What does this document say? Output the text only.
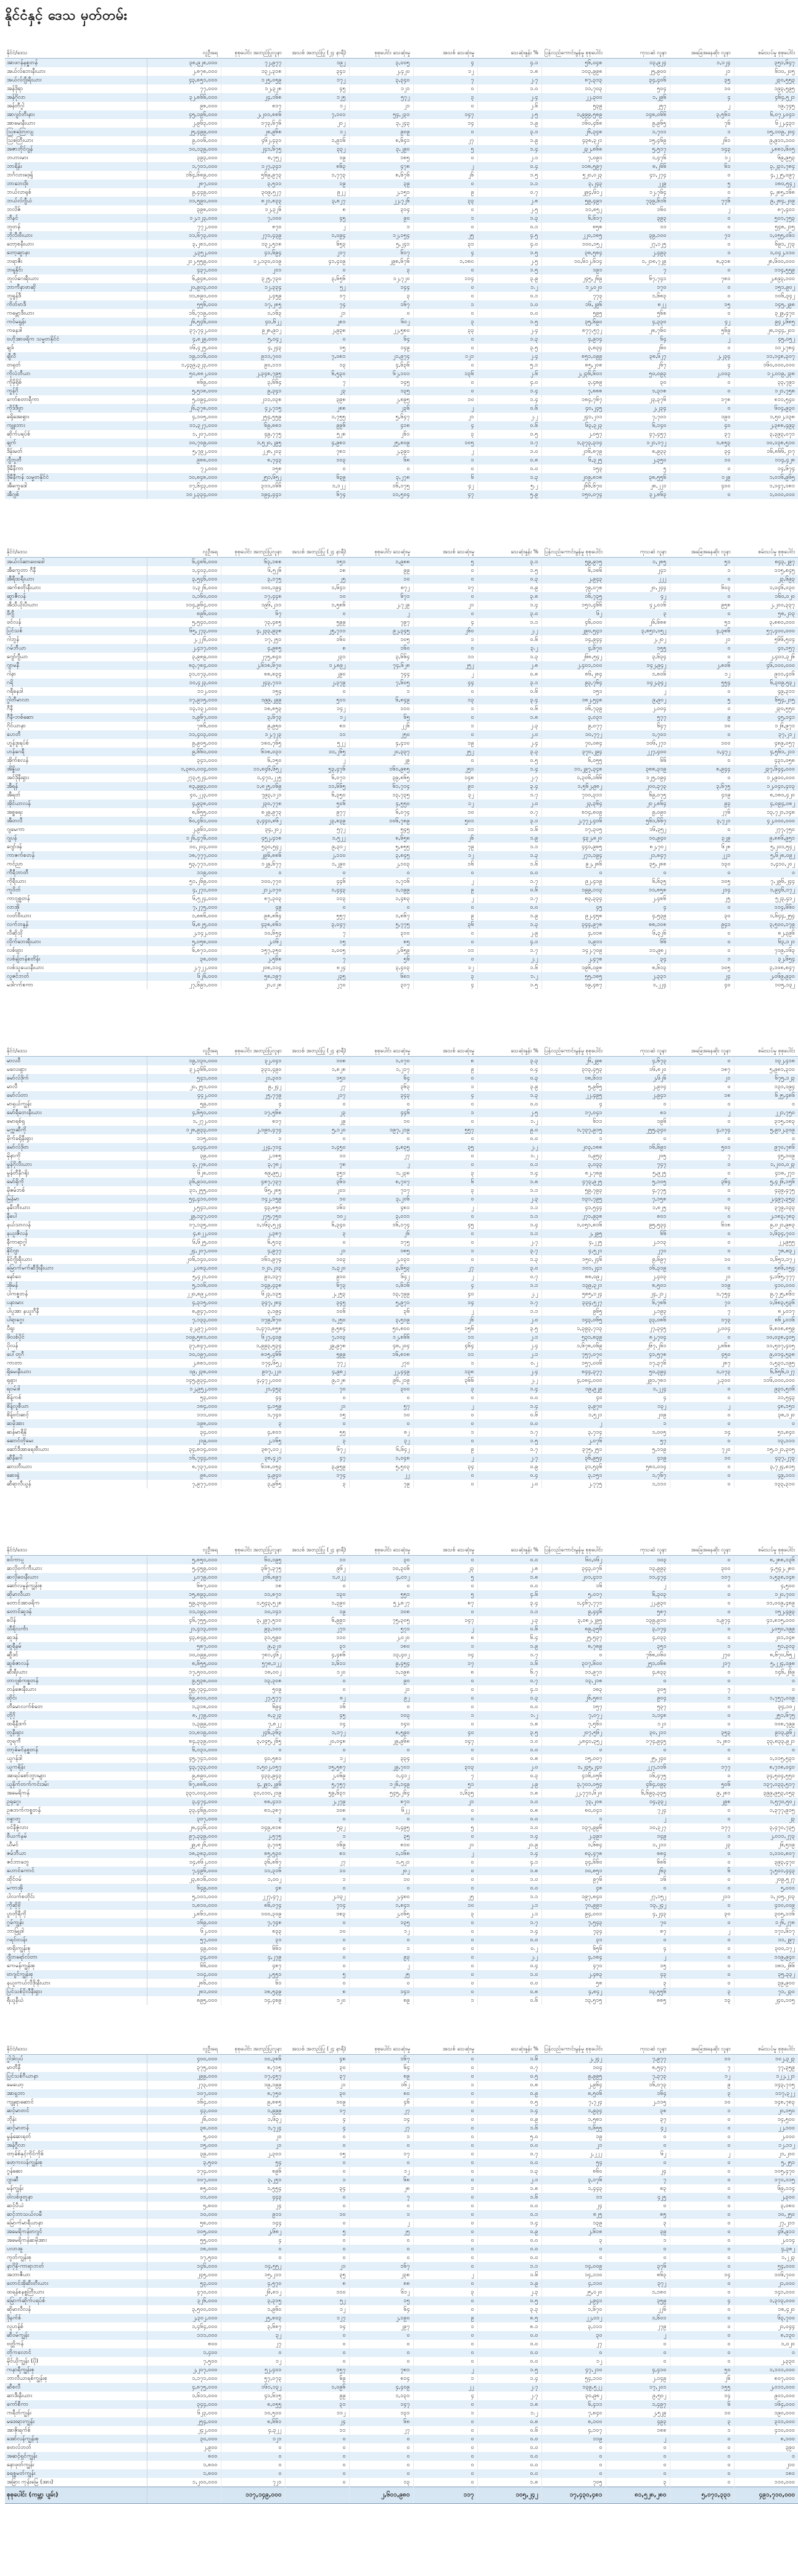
နိုင်ငံနှင့် ဒေသ မှတ်တမ်း
နိုင်ငံ/ဒေသ	လူဦးရေ	စုစုပေါင်း အတည်ပြုလူနာ	အသစ် အတည်ပြု (၂၄ နာရီ)	စုစုပေါင်း သေဆုံးမှု	အသစ် သေဆုံးမှု	သေဆုံးနှုန်း %	ပြန်လည်ကောင်းမွန်မှု စုစုပေါင်း	ကုသဆဲ လူနာ	အခြေအနေဆိုး လူနာ	စမ်းသပ်မှု စုစုပေါင်း
အာဖဂန်နစ္စတန်	၃၈,၉၂၈,၀၀၀	၇၂,၉၇၇	၁၉၂	၃,၀၀၅	၄	၄.၁	၅၆,၀၄၈	၁၃,၉၂၄	၁,၁၂၄	၃၅၁,၆၄၇
အယ်လ်ဘေးနီးယား	၂,၈၇၈,၀၀၀	၁၃၂,၃၁၈	၃၄၁	၂,၄၂၀	၁၂	၁.၈	၁၀၃,၉၉၈	၂၅,၉၀၀	၂၁	၆၁၀,၂၀၅
အယ်လ်ဂျီးရီးယား	၄၃,၈၅၁,၀၀၀	၁၂၅,၀၅၉	၁၇၂	၃,၃၄၀	၇	၂.၇	၈၇,၃၁၃	၃၄,၄၀၆	၃၅	၂၃၀,၅၅၃
အန်ဒိုရာ	၇၇,၀၀၀	၁၂,၃၂၈	၄၅	၁၂၁	၀	၁.၀	၁၁,၇၀၃	၅၀၄	၁၀	၁၉၃,၅၉၅
အန်ဂိုလာ	၃၂,၈၆၆,၀၀၀	၂၄,၁၆၈	၁၂၅	၅၇၂	၃	၂.၄	၂၂,၃၀၀	၁,၂၉၆	၄	၄၆၄,၅၂၁
အန်တီဂွါ	၉၈,၀၀၀	၈၁၇	၁၂	၂၁	၀	၂.၆	၅၃၉	၂၅၇	၂	၁၉,၇၄၅
အာဂျင်တီးနား	၄၅,၁၉၆,၀၀၀	၂,၂၀၁,၈၈၆	၇,၁၀၁	၅၄,၂၃၁	၁၄၇	၂.၅	၁,၉၉၉,၅၈၉	၁၄၈,၀၆၆	၃,၅၆၁	၆,၀၇၂,၀၄၁
အာမေးနီးယား	၂,၉၆၃,၀၀၀	၁၇၃,၆၇၆	၂၀၂	၃,၂၄၃	၁၄	၁.၉	၁၆၀,၄၆၈	၉,၉၆၅	၇၆	၆၂၂,၄၃၁
ဩစတြေးလျ	၂၅,၄၉၉,၀၀၀	၂၈,၉၆၈	၁၂	၉၀၉	၀	၃.၁	၂၆,၃၄၈	၁,၇၁၁	၁	၁၅,၁၀၉,၂၀၄
ဩစတြီးယား	၉,၀၀၆,၀၀၀	၄၆၂,၄၃၁	၁,၉၁၆	၈,၆၄၁	၂၇	၁.၉	၄၃၈,၃၂၁	၁၅,၄၆၉	၂၆၁	၉,၉၁၁,၁၀၀
အဇာဘိုင်ဂျန်	၁၀,၁၃၉,၀၀၀	၂၄၁,၆၇၅	၃၃၂	၃,၂၉၀	၅	၁.၄	၂၃၂,၈၆၈	၅,၅၁၇	၁၄၃	၂,၈၈၁,၆၀၅
ဘဟားမား	၃၉၃,၀၀၀	၈,၇၅၂	၁၉	၁၈၅	၀	၂.၁	၇,၀၉၁	၁,၄၇၆	၁၂	၆၉,၉၅၃
ဘာရိန်း	၁,၇၀၁,၀၀၀	၁၂၇,၃၄၁	၈၆၃	၄၇၈	၂	၀.၄	၁၁၈,၅၉၇	၈,၂၆၆	၆၁	၃,၂၃၁,၇၈၄
ဘင်္ဂလားဒေ့ရှ်	၁၆၄,၆၈၉,၀၀၀	၅၆၉,၉၇၃	၁,၇၇၃	၈,၆၇၆	၂၆	၁.၅	၅၂၀,၀၂၃	၄၁,၂၇၄	၀	၄,၂၂၅,၀၉၇
ဘာဘေးဒိုး	၂၈၇,၀၀၀	၃,၅၁၁	၁၉	၃၉	၀	၁.၁	၃,၂၄၃	၂၂၉	၅	၁၈၀,၅၄၂
ဘယ်လာရုစ်	၉,၄၄၉,၀၀၀	၃၀၉,၅၂၇	၉၂၂	၂,၁၅၁	၉	၀.၇	၂၉၄,၆၁၂	၁၂,၇၆၄	၀	၄,၂၈၅,၁၆၈
ဘယ်လ်ဂျီယံ	၁၁,၅၉၀,၀၀၀	၈၂၁,၈၃၃	၃,၈၂၇	၂၂,၇၂၆	၃၃	၂.၈	၅၉,၄၉၁	၇၃၉,၆၁၆	၇၇၆	၉,၂၈၄,၂၀၉
ဘလိဇ်	၃၉၈,၀၀၀	၁၂,၃၂၆	၈	၃၁၄	၀	၂.၅	၁၁,၈၅၂	၁၆၀	၂	၈၇,၄၀၁
ဘီနင်	၁၂,၁၂၃,၀၀၀	၇,၁၀၀	၄၅	၉၀	၁	၁.၃	၆,၆၁၇	၃၉၃	၀	၅၀၁,၇၅၃
ဘူတန်	၇၇၂,၀၀၀	၈၇၀	၂	၁	၀	၀.၁	၈၅၈	၁၁	၀	၅၄၈,၂၁၅
ဘိုလီးဗီးယား	၁၁,၆၇၃,၀၀၀	၂၇၁,၄၃၉	၁,၀၉၄	၁၂,၁၅၄	၂၅	၄.၅	၂၂၀,၁၈၅	၃၉,၁၀၀	၇၁	၁,၀၅၅,၀၆၁
ဘော့စနီးယား	၃,၂၈၁,၀၀၀	၁၃၂,၅၁၈	၆၅၃	၅,၂၄၁	၃၁	၄.၀	၁၀၀,၁၅၂	၂၇,၁၂၅	၀	၆၉၁,၂၇၃
ဘော့ဆွာနာ	၂,၃၅၂,၀၀၀	၄၁,၆၉၄	၂၁၇	၆၁၇	၄	၁.၅	၃၈,၅၈၄	၂,၄၉၃	၁	၁,၀၄၂,၁၁၀
ဘရာဇီး	၂၁၂,၅၅၉,၀၀၀	၁၂,၁၃၀,၀၁၉	၄၁,၄၀၉	၂၉၈,၆၇၆	၁,၁၈၀	၂.၅	၁၀,၆၁၂,၆၁၄	၁,၂၁၈,၇၂၉	၈,၃၁၈	၂၈,၆၀၀,၀၀၀
ဘရူနိုင်း	၄၃၇,၀၀၀	၂၀၁	၀	၃	၀	၁.၅	၁၉၁	၇	၀	၁၁၄,၅၅၉
ဘူလ်ဂေးရီးယား	၆,၉၄၈,၀၀၀	၃၂၅,၇၃၀	၃,၆၅၆	၁၂,၇၂၀	၁၁၄	၃.၉	၂၄၅,၂၆၉	၆၇,၇၄၁	၇၈၁	၂,၈၉၃,၁၀၀
ဘာကီနာဖာဆို	၂၀,၉၀၃,၀၀၀	၁၂,၃၃၄	၅၂	၁၄၄	၀	၁.၂	၁၂,၀၂၀	၁၇၀	၀	၁၅၁,၉၀၂
ဘူရွန်ဒီ	၁၁,၈၉၀,၀၀၀	၂,၄၅၉	၁၇	၃	၀	၀.၁	၇၇၃	၁,၆၈၃	၀	၁၀၆,၃၄၂
ကိတ်ဗာဒီ	၅၅၆,၀၀၀	၁၇,၂၈၅	၇၄	၁၆၇	၁	၁.၀	၁၆,၂၉၆	၈၂၂	၁၅	၁၄၅,၂၉၈
ကမ္ဘောဒီးယား	၁၆,၇၁၉,၀၀၀	၁,၁၆၃	၂၁	၀	၀	၀.၀	၅၉၅	၅၆၈	၀	၃၂၉,၄၇၀
ကင်မရွန်း	၂၆,၅၄၆,၀၀၀	၄၀,၆၂၂	၂၈၁	၆၀၂	၃	၁.၅	၃၅,၆၉၀	၄,၃၃၀	၄၂	၉၄၂,၆၈၅
ကနေဒါ	၃၇,၇၄၂,၀၀၀	၉၂၈,၉၁၂	၂,၉၃၈	၂၂,၅၈၀	၃၃	၂.၄	၈၇၇,၅၇၂	၂၈,၇၆၀	၅၆၉	၂၈,၁၄၄,၂၀၁
ဗဟိုအာဖရိက သမ္မတနိုင်ငံ	၄,၈၂၉,၀၀၀	၅,၀၄၂	၀	၆၄	၀	၁.၃	၄,၉၁၄	၆၄	၂	၄၅,၀၅၂
ချဒ်	၁၆,၄၂၅,၀၀၀	၄,၂၄၃	၁၅	၁၄၉	၀	၃.၅	၃,၈၃၄	၂၆၀	၀	၁၁၂,၇၈၄
ချီလီ	၁၉,၁၁၆,၀၀၀	၉၁၁,၇၀၀	၇,၀၈၁	၂၁,၉၇၄	၁၂၁	၂.၄	၈၅၁,၀၉၉	၃၈,၆၂၇	၂,၂၃၄	၁၁,၁၄၈,၃၀၇
တရုတ်	၁,၄၃၉,၃၂၃,၀၀၀	၉၀,၁၁၁	၁၃	၄,၆၃၆	၀	၅.၁	၈၅,၂၀၈	၂၆၇	၄	၁၆၀,၀၀၀,၀၀၀
ကိုလံဘီယာ	၅၀,၈၈၂,၀၀၀	၂,၃၄၈,၇၉၅	၆,၅၃၀	၆၂,၁၀၁	၁၃၆	၂.၆	၂,၂၃၆,၆၀၁	၅၀,၀၉၃	၂,၀၀၃	၁၂,၀၁၉,၂၃၈
ကိုမိုရိုစ်	၈၆၉,၀၀၀	၃,၆၆၄	၇	၁၄၅	၀	၄.၀	၃,၄၈၉	၃၀	၀	၃၃,၇၉၁
ကွန်ဂို	၅,၅၁၈,၀၀၀	၉,၃၄၁	၂၃	၁၃၅	၀	၁.၄	၇,၈၈၈	၁,၃၁၈	၀	၁၂၁,၇၅၈
ကော်စတာရီကာ	၅,၀၉၄,၀၀၀	၂၁၁,၀၃၈	၃၉၈	၂,၈၉၅	၁၀	၁.၄	၁၈၄,၇၆၇	၂၃,၃၇၆	၁၇၈	၈၁၁,၅၄၀
ကိုဒ်ဒီဗွာ	၂၆,၃၇၈,၀၀၀	၄၂,၇၁၅	၂၈၈	၂၃၆	၂	၀.၆	၄၀,၂၄၅	၂,၂၃၄	၀	၆၀၄,၉၃၀
ခရိုအေးရှား	၄,၁၀၅,၀၀၀	၂၅၄,၅၅၉	၁,၇၅၅	၅,၆၄၇	၂၁	၂.၂	၂၄၁,၂၁၁	၇,၇၀၁	၁၉၀	၁,၅၀၂,၁၃၈
ကျူးဘား	၁၁,၃၂၇,၀၀၀	၆၉,၈၈၁	၉၉၆	၄၁၈	၄	၀.၆	၆၃,၃၂၃	၆,၁၄၀	၄၀	၂,၃၈၈,၄၉၃
ဆိုက်ပရပ်စ်	၁,၂၀၇,၀၀၀	၄၉,၇၇၅	၅၂၈	၂၆၁	၃	၀.၅	၂,၀၅၇	၄၇,၄၅၇	၃၇	၃,၃၉၃,၀၇၁
ချက်	၁၀,၇၀၉,၀၀၀	၁,၅၂၀,၂၉၅	၄,၉၈၁	၂၅,၈၀၉	၁၀၅	၁.၇	၁,၃၇၃,၃၁၄	၁၂၁,၁၇၂	၁,၈၅၃	၁၀,၁၃၈,၅၁၀
ဒိန်းမတ်	၅,၇၉၂,၀၀၀	၂၂၈,၂၀၃	၇၈၁	၂,၃၉၁	၂	၁.၀	၂၁၆,၈၇၉	၈,၉၃၃	၃၄	၁၆,၈၆၆,၂၁၇
ဂျီဘူတီ	၉၈၈,၀၀၀	၈,၇၄၃	၁၀၃	၆၈	၁	၀.၈	၆,၃၂၅	၂,၃၅၀	၁၀	၁၁၄,၄၂၈
ဒိုမီနီကာ	၇၂,၀၀၀	၁၅၈	၀	၀	၀	၀.၀	၁၅၃	၅	၀	၁၄,၆၇၄
ဒိုမီနီကန် သမ္မတနိုင်ငံ	၁၀,၈၄၈,၀၀၀	၂၅၁,၆၅၂	၆၃၉	၃,၂၇၈	၆	၁.၃	၂၀၉,၈၁၈	၃၈,၅၅၆	၁၂၉	၁,၀၁၆,၉၆၅
အီကွေဒေါ	၁၇,၆၄၃,၀၀၀	၃၁၁,၀၆၆	၁,၁၂၂	၁၆,၁၇၅	၄၂	၅.၂	၂၆၆,၆၇၀	၂၈,၂၂၁	၄၀၀	၁,၁၄၇,၁၈၁
အီဂျစ်	၁၀၂,၃၃၄,၀၀၀	၁၉၄,၄၄၁	၆၇၄	၁၁,၅၀၄	၄၇	၅.၉	၁၅၀,၀၇၄	၃၂,၈၆၃	၀	၁,၀၀၀,၀၀၀
နိုင်ငံ/ဒေသ	လူဦးရေ	စုစုပေါင်း အတည်ပြုလူနာ	အသစ် အတည်ပြု (၂၄ နာရီ)	စုစုပေါင်း သေဆုံးမှု	အသစ် သေဆုံးမှု	သေဆုံးနှုန်း %	ပြန်လည်ကောင်းမွန်မှု စုစုပေါင်း	ကုသဆဲ လူနာ	အခြေအနေဆိုး လူနာ	စမ်းသပ်မှု စုစုပေါင်း
အယ်လ်ဆာဗေးဒေါ	၆,၄၈၆,၀၀၀	၆၃,၁၈၈	၁၅၁	၁,၉၈၈	၅	၃.၁	၅၉,၉၁၅	၁,၂၈၅	၅၁	၈၄၃,၂၉၇
အီကွေတာ ဂီနီ	၁,၄၀၃,၀၀၀	၆,၅၂၆	၁၈	၉၉	၀	၁.၅	၆,၁၈၆	၂၄၁	၁	၁၁၅,၈၄၅
အီရီထရီးယား	၃,၅၄၆,၀၀၀	၃,၁၇၅	၂၅	၁၀	၀	၀.၃	၂,၉၄၃	၂၂၂	၀	၂၃,၆၉၃
အက်စတိုးနီးယား	၁,၃၂၆,၀၀၀	၁၀၀,၁၉၄	၁,၆၄၁	၈၇၂	၁၇	၀.၉	၇၉,၀၇၈	၂၀,၂၄၄	၆၀၃	၁,၀၄၆,၀၃၀
ဆွာဇီလန်	၁,၁၆၀,၀၀၀	၁၇,၄၄၈	၁၀	၆၇၁	၀	၃.၈	၁၆,၇၃၅	၄၂	၀	၁၆၀,၀၂၀
အီသီယိုးပီးယား	၁၁၄,၉၆၄,၀၀၀	၁၉၆,၂၁၁	၁,၅၈၆	၂,၇၂၉	၂၁	၁.၄	၁၅၁,၄၆၆	၄၂,၀၁၆	၉၅၈	၂,၂၀၀,၃၃၇
ဖီဂျီ	၈၉၆,၀၀၀	၆၇	၀	၂	၀	၃.၀	၆၂	၃	၀	၅၈,၂၁၃
ဖင်လန်	၅,၅၄၀,၀၀၀	၇၃,၄၈၅	၅၉၉	၇၉၇	၄	၁.၁	၄၆,၀၀၀	၂၆,၆၈၈	၅၁	၃,၈၈၀,၀၀၀
ပြင်သစ်	၆၅,၂၇၃,၀၀၀	၄,၂၃၃,၉၃၈	၂၅,၇၁၁	၉၂,၃၄၅	၂၆၀	၂.၂	၂၉၀,၅၄၁	၃,၈၅၁,၀၅၂	၄,၃၈၆	၅၇,၄၀၀,၀၀၀
ဂါဘွန်	၂,၂၂၆,၀၀၀	၁၇,၂၅၁	၁၆၀	၁၀၅	၁	၀.၆	၁၄,၉၄၄	၂,၂၀၂	၂၁	၅၆၆,၅၀၄
ဂမ်ဘီယာ	၂,၄၁၇,၀၀၀	၄,၉၈၅	၈	၁၆၀	၀	၃.၂	၄,၆၇၀	၁၅၅	၀	၄၀,၁၅၇
ဂျော်ဂျီယာ	၃,၉၈၉,၀၀၀	၂၇၅,၈၄၀	၂၃၁	၃,၆၆၄	၁၁	၁.၃	၂၆၈,၅၄၂	၃,၆၃၄	၀	၂,၄၀၁,၃၂၆
ဂျာမနီ	၈၃,၇၈၄,၀၀၀	၂,၆၁၈,၆၇၀	၁၂,၈၉၂	၇၄,၆၂၈	၂၅၂	၂.၈	၂,၄၀၁,၁၀၀	၁၄၂,၉၄၂	၂,၈၀၆	၄၆,၁၀၀,၀၀၀
ဂါနာ	၃၁,၀၇၃,၀၀၀	၈၈,၈၃၄	၂၉၀	၇၄၄	၂	၀.၈	၈၆,၂၈၄	၁,၈၀၆	၁၂	၉၀၁,၄၀၆
ဂရိ	၁၀,၄၂၃,၀၀၀	၂၄၃,၇၁၁	၂,၃၇၉	၇,၆၀၅	၄၄	၃.၁	၉၃,၇၆၄	၁၄၂,၃၄၂	၅၅၄	၆,၃၀၉,၅၃၂
ဂရီနေဒါ	၁၁၂,၀၀၀	၁၅၄	၀	၁	၀	၀.၆	၁၅၁	၂	၀	၄၉,၃၁၁
ဂွါတီမာလာ	၁၇,၉၁၅,၀၀၀	၁၉၉,၂၉၉	၅၁၁	၆,၈၄၉	၁၃	၃.၄	၁၈၂,၅၄၈	၉,၉၀၂	၅	၆၅၄,၂၁၅
ဂီနီ	၁၃,၁၃၂,၀၀၀	၁၈,၈၅၃	၁၄၂	၁၁၀	၁	၀.၆	၁၆,၇၃၉	၂,၀၀၄	၀	၂၃၀,၅၅၀
ဂီနီ-ဘစ်ဆော	၁,၉၆၇,၀၀၀	၃,၆၇၃	၁၂	၆၅	၀	၁.၈	၃,၀၃၁	၅၇၇	၉	၄၅,၁၄၁
ဂိုင်ယာနာ	၇၈၆,၀၀၀	၉,၉၅၀	၈၁	၂၂၆	၁	၂.၃	၉,၀၇၇	၆၄၇	၁၀	၁၂၆,၉၇၁
ဟေတီ	၁၁,၄၀၃,၀၀၀	၁၂,၇၂၃	၁၁	၂၅၀	၀	၂.၀	၁၀,၇၇၂	၁,၇၀၁	၀	၃၇,၂၁၂
ဟွန်ဒူးရပ်စ်	၉,၉၀၅,၀၀၀	၁၈၀,၇၆၅	၅၂၂	၄,၄၁၀	၁၉	၂.၄	၇၀,၀၈၄	၁၀၆,၂၇၁	၁၀၀	၄၈၉,၀၅၇
ဟန်ဂေရီ	၉,၆၆၀,၀၀၀	၆၁၈,၀၃၁	၁၁,၂၆၅	၂၀,၃၃၇	၂၅၂	၃.၃	၃၇၀,၂၉၄	၂၂၇,၄၀၀	၁,၄၇၂	၄,၅၆၁,၂၁၁
အိုက်စလန်	၃၄၁,၀၀၀	၆,၁၅၀	၂	၂၉	၀	၀.၅	၆,၀၅၅	၆၆	၀	၄၃၁,၀၅၈
အိန္ဒိယ	၁,၃၈၀,၀၀၄,၀၀၀	၁၁,၈၄၆,၆၅၂	၅၃,၄၇၆	၁၆၀,၉၈၅	၂၅၁	၁.၄	၁၁,၂၉၇,၃၄၈	၃၈၈,၃၁၉	၈,၉၄၄	၂၃၇,၆၄၄,၀၀၀
အင်ဒိုနီးရှား	၂၇၃,၅၂၄,၀၀၀	၁,၄၇၁,၂၂၅	၆,၀၇၁	၃၉,၈၆၅	၁၄၈	၂.၇	၁,၃၀၆,၁၆၆	၁၂၅,၁၉၄	၀	၁၂,၉၀၀,၀၀၀
အီရန်	၈၃,၉၉၃,၀၀၀	၁,၈၂၅,၀၆၉	၁၁,၆၆၅	၆၁,၇၁၄	၉၁	၃.၄	၁,၅၆၂,၉၈၂	၂၀၀,၃၇၃	၃,၆၇၅	၁၂,၀၄၀,၄၀၃
အီရတ်	၄၀,၂၂၃,၀၀၀	၇၉၃,၁၂၁	၆,၃၅၀	၁၃,၇၃၅	၃၂	၁.၇	၇၁၀,၃၁၁	၆၉,၀၇၅	၄၁၉	၈,၁၈၀,၄၂၀
အိုင်ယာလန်	၄,၉၃၈,၀၀၀	၂၃၀,၇၇၈	၅၀၆	၄,၅၅၀	၁၂	၂.၀	၂၃,၃၆၄	၂၀၂,၈၆၄	၉၃	၄,၀၉၄,၀၈၂
အစ္စရေး	၈,၆၅၅,၀၀၀	၈၂၉,၉၇၃	၉၇၇	၆,၀၇၄	၁၀	၀.၇	၈၁၄,၈၀၉	၉,၀၉၀	၂၇၆	၁၃,၇၂၁,၁၄၈
အီတလီ	၆၀,၄၆၁,၀၀၀	၃,၄၄၀,၈၆၂	၂၃,၈၃၉	၁၀၆,၇၈၉	၅၀၁	၃.၁	၂,၇၇၂,၄၀၆	၅၆၁,၆၆၇	၃,၇၂၁	၄၂,၀၀၀,၀၀၀
ဂျမေကာ	၂,၉၆၁,၀၀၀	၃၄,၂၀၂	၅၇၂	၅၄၅	၁၁	၁.၆	၁၇,၃၀၅	၁၆,၃၅၂	၀	၂၇၇,၇၅၀
ဂျပန်	၁၂၆,၄၇၆,၀၀၀	၄၅၂,၄၁၈	၁,၅၂၂	၈,၆၅၈	၂၆	၁.၉	၄၃၂,၈၂၀	၁၀,၉၄၀	၃၂၉	၉,၈၈၆,၉၅၁
ဂျော်ဒန်	၁၀,၂၀၃,၀၀၀	၅၃၀,၅၄၂	၉,၃၁၂	၅,၈၅၅	၇၉	၁.၁	၄၄၁,၉၈၅	၈၂,၇၀၂	၆၂၈	၅,၂၀၁,၅၄၂
ကာဇက်စတန်	၁၈,၇၇၇,၀၀၀	၂၉၆,၈၈၆	၂,၁၁၀	၃,၈၄၅	၁၂	၁.၃	၂၇၁,၁၉၄	၂၁,၈၄၇	၂၂၁	၅,၆၂၈,၀၉၂
ကင်ညာ	၅၃,၇၇၁,၀၀၀	၁၂၉,၆၇၇	၁,၂၉၀	၂,၁၀၃	၁၆	၁.၆	၉၂,၂၈၆	၃၅,၂၈၈	၁၃၀	၁,၄၁၀,၂၀၂
ကီရီဘာတီ	၁၁၉,၀၀၀	၀	၀	၀	၀	၀.၀	၀	၀	၀	၀
ကိုရီးယား	၅၁,၂၆၉,၀၀၀	၁၀၀,၇၇၀	၄၄၆	၁,၇၁၆	၂	၁.၇	၉၂,၄၁၉	၆,၆၃၅	၁၀၅	၇,၂၉၆,၂၄၄
ကူဝိတ်	၄,၂၇၁,၀၀၀	၂၁၂,၁၇၀	၁,၄၄၃	၁,၁၉၉	၉	၀.၆	၁၉၉,၁၁၃	၁၁,၈၅၈	၂၁၄	၁,၉၄၆,၁၇၂
ကာဂျစ္စတန်	၆,၅၂၄,၀၀၀	၈၇,၃၀၃	၁၁၃	၁,၄၈၃	၂	၁.၇	၈၃,၃၃၄	၂,၄၈၆	၂၅	၅၂၃,၄၁၂
လာအို	၇,၂၇၅,၀၀၀	၄၉	၀	၀	၀	၀.၀	၄၅	၄	၀	၁၁၄,၆၆၀
လတ်ဗီးယား	၁,၈၈၆,၀၀၀	၉၈,၈၆၄	၅၅၇	၁,၈၆၇	၉	၁.၉	၉၂,၄၅၈	၄,၅၃၉	၃၀	၁,၆၄၄,၂၅၄
လက်ဘနွန်	၆,၈၂၅,၀၀၀	၄၃၈,၈၆၁	၃,၀၄၇	၅,၇၇၅	၃၆	၁.၃	၃၄၄,၉၇၈	၈၈,၁၀၈	၉၄၁	၃,၅၀၀,၁၇၉
လီဆိုသို	၂,၁၄၂,၀၀၀	၁၀,၆၅၄	၇	၃၁၀	၀	၂.၉	၄,၀၁၈	၆,၃၂၆	၀	၈၂,၃၉၆
လိုက်ဘေးရီးယား	၅,၀၅၈,၀၀၀	၂,၀၆၂	၁၅	၈၅	၀	၄.၁	၁,၉၁၁	၆၆	၀	၆၃,၁၂၁
လစ်ဗျား	၆,၈၇၁,၀၀၀	၁၅၇,၃၅၀	၁,၀၀၅	၂,၆၅၉	၁၁	၁.၇	၁၄၂,၇၀၉	၁၁,၉၈၂	၀	၇၁၉,၁၆၃
လစ်ချ်တန်စတိန်း	၃၈,၀၀၀	၂,၅၆၈	၇	၅၆	၀	၂.၂	၂,၄၇၈	၃၄	၁	၃၂,၆၅၄
လစ်သူယေးနီးယား	၂,၇၂၂,၀၀၀	၂၀၈,၁၁၄	၈၂၄	၃,၄၀၃	၁၂	၁.၆	၁၉၆,၀၉၈	၈,၆၁၃	၁၀၅	၃,၁၀၈,၈၄၇
လူဇင်ဘတ်	၆၂၆,၀၀၀	၅၈,၁၉၇	၂၃၅	၆၈၁	၃	၁.၂	၅၅,၁၈၅	၂,၃၃၁	၂၄	၂,၀၆၉,၉၃၀
မဒါဂက်စကာ	၂၇,၆၉၁,၀၀၀	၂၁,၀၂၈	၂၇၀	၃၁၇	၄	၁.၅	၁၉,၄၈၇	၁,၂၂၄	၄၀	၁၀၅,၁၃၂
နိုင်ငံ/ဒေသ	လူဦးရေ	စုစုပေါင်း အတည်ပြုလူနာ	အသစ် အတည်ပြု (၂၄ နာရီ)	စုစုပေါင်း သေဆုံးမှု	အသစ် သေဆုံးမှု	သေဆုံးနှုန်း %	ပြန်လည်ကောင်းမွန်မှု စုစုပေါင်း	ကုသဆဲ လူနာ	အခြေအနေဆိုး လူနာ	စမ်းသပ်မှု စုစုပေါင်း
မာလဝီ	၁၉,၁၃၀,၀၀၀	၃၂,၀၄၁	၁၀၈	၁,၀၇၀	၈	၃.၃	၂၆,၂၉၈	၄,၆၇၃	၀	၁၃၂,၄၁၈
မလေးရှား	၃၂,၃၆၆,၀၀၀	၃၃၁,၄၉၀	၁,၈၂၈	၁,၂၁၇	၉	၀.၄	၃၁၃,၄၅၃	၁၆,၈၂၀	၁၈၇	၅,၉၈၁,၃၁၀
မော်လ်ဒိုက်	၅၄၁,၀၀၀	၂၁,၃၀၁	၁၅၁	၆၄	၀	၀.၃	၁၈,၆၁၁	၂,၆၂၆	၂၁	၆၇၅,၁၂၃
မာလီ	၂၀,၂၅၁,၀၀၀	၉,၂၄၂	၂၇	၃၆၃	၁	၃.၉	၅,၉၆၅	၂,၉၁၄	၀	၁၃၁,၁၉၄
မော်လ်တာ	၄၄၂,၀၀၀	၂၅,၇၇၉	၂၁၇	၃၄၃	၄	၁.၃	၂၂,၄၉၅	၂,၉၄၁	၁၈	၆၂၅,၄၈၆
မာရှယ်ကျွန်း	၅၉,၀၀၀	၄	၀	၀	၀	၀.၀	၄	၀	၀	၀
မော်ရီတေးနီးယား	၄,၆၅၀,၀၀၀	၁၇,၅၆၈	၂၃	၄၄၆	၁	၂.၅	၁၇,၀၄၁	၈၁	၂	၂၂၁,၇၅၀
မောရစ်ရှ	၁,၂၇၂,၀၀၀	၈၁၇	၂၉	၁၀	၀	၁.၂	၆၁၁	၁၉၆	၀	၃၁၅,၁၈၃
မက္ကဆီကို	၁၂၈,၉၃၃,၀၀၀	၂,၁၉၀,၄၇၄	၅,၁၂၀	၁၉၇,၂၁၉	၅၅၇	၉.၀	၁,၇၃၇,၉၁၅	၂၅၅,၃၄၀	၄,၁၇၄	၅,၉၁၂,၃၀၉
မိုက်ခရိုနီးရှား	၁၁၅,၀၀၀	၁	၀	၀	၀	၀.၀	၁	၀	၀	၀
မော်လ်ဒိုဗာ	၄,၀၃၄,၀၀၀	၂၂၄,၇၁၄	၁,၄၅၀	၄,၈၃၅	၃၅	၂.၂	၂၀၃,၁၈၈	၁၆,၆၉၁	၅၀၁	၉၇၀,၇၈၆
မိုနာကို	၃၉,၀၀၀	၂,၁၈၅	၁၁	၂၇	၀	၁.၂	၁,၉၅၃	၂၀၅	၇	၄၅,၁၀၉
မွန်ဂိုလီးယား	၃,၂၇၈,၀၀၀	၃,၇၈၂	၇၈	၂	၀	၀.၁	၃,၀၃၃	၇၄၇	၁	၁,၂၀၀,၀၂၃
မွန်တီနီဂရိုး	၆၂၈,၀၀၀	၈၉,၉၅၂	၃၅၁	၁,၂၃၈	၃	၁.၄	၈၂,၇၈၉	၅,၉၂၅	၀	၄၁၈,၂၇၁
မော်ရိုကို	၃၆,၉၁၀,၀၀၀	၄၈၇,၇၃၇	၃၆၁	၈,၇၀၇	၆	၁.၈	၄၇၃,၉၂၅	၅,၁၀၅	၃၆၄	၅,၄၂၆,၁၅၆
မိုဇမ်ဘစ်	၃၁,၂၅၅,၀၀၀	၆၅,၂၈၅	၂၀၁	၇၁၇	၃	၁.၁	၅၉,၇၉၃	၄,၇၇၅	၀	၄၃၉,၄၇၅
မြန်မာ	၅၄,၄၁၀,၀၀၀	၁၄၂,၁၅၉	၁၀	၃,၂၀၆	၀	၂.၃	၁၃၁,၇၉၅	၇,၁၅၈	၀	၂,၄၉၇,၃၅၃
နမီးဘီးယား	၂,၅၄၁,၀၀၀	၄၃,၈၅၀	၁၆၁	၄၈၁	၂	၁.၁	၄၁,၅၄၄	၁,၈၂၅	၁၃	၃၇၉,၁၃၃
နီပေါ	၂၉,၁၃၇,၀၀၀	၂၇၅,၇၅၀	၁၀၂	၃,၀၁၁	၀	၁.၁	၂၇၁,၉၃၈	၈၀၁	၀	၂,၁၈၃,၇၈၃
နယ်သာလန်	၁၇,၁၃၅,၀၀၀	၁,၁၆၃,၅၂၄	၆,၃၄၀	၁၆,၁၇၄	၄၅	၁.၄	၁,၀၅၁,၈၁၆	၉၅,၅၃၄	၆၁၈	၉,၀၂၁,၉၈၃
နယူးဇီလန်	၄,၈၂၂,၀၀၀	၂,၃၈၇	၃	၂၆	၀	၁.၁	၂,၂၉၅	၆၆	၀	၁,၆၃၄,၇၀၁
နီကာရာဂွါ	၆,၆၂၅,၀၀၀	၆,၅၁၃	၀	၁၇၅	၀	၂.၇	၄,၂၂၅	၂,၁၁၃	၀	၂၂,၉၅၅
နိုင်ဂျာ	၂၄,၂၀၇,၀၀၀	၄,၉၇၇	၂၁	၁၈၅	၁	၃.၇	၄,၅၂၁	၂၇၁	၀	၇၈,၈၃၂
နိုင်ဂျီးရီးယား	၂၀၆,၁၄၀,၀၀၀	၁၆၁,၉၇၄	၁၀၃	၂,၀၃၁	၀	၁.၃	၁၅၀,၂၄၆	၉,၆၉၇	၁၀	၁,၆၅၁,၁၇၂
မြောက်မက်ဆီဒိုးနီးယား	၂,၀၈၃,၀၀၀	၁၂၁,၂၁၃	၁,၃၂၀	၃,၆၅၃	၂၇	၃.၀	၁၀၁,၂၄၁	၁၆,၃၁၉	၀	၅၈၆,၁၅၄
နော်ဝေ	၅,၄၂၁,၀၀၀	၉၁,၁၃၇	၉၁၀	၆၄၂	၂	၀.၇	၈၈,၀၉၂	၂,၄၀၃	၂၁	၄,၁၆၅,၇၇၇
အိုမန်	၅,၁၀၆,၀၀၀	၁၄၉,၄၃၈	၆၇၃	၁,၆၁၆	၄	၁.၁	၁၃၉,၃၂၁	၈,၅၀၁	၁၁၉	၄၁၀,၀၀၀
ပါကစ္စတန်	၂၂၀,၈၉၂,၀၀၀	၆၂၃,၁၃၅	၂,၂၅၃	၁၃,၇၉၉	၄၀	၂.၂	၅၈၅,၁၂၄	၂၄,၂၁၂	၁,၇၅၄	၉,၇၂၅,၈၆၁
ပနားမား	၄,၃၁၅,၀၀၀	၃၄၇,၂၈၄	၃၄၅	၅,၉၇၁	၁၄	၁.၇	၃၃၄,၅၂၇	၆,၇၈၆	၇၁	၁,၆၈၃,၅၃၆
ပါပူအာ နယူးဂီနီ	၈,၉၄၇,၀၀၀	၃,၁၉၄	၁၀၆	၃၆	၂	၁.၁	၉၆၅	၂,၁၉၃	၇	၈၂,၀၁၇
ပါရာဂွေး	၇,၁၃၃,၀၀၀	၁၇၉,၆၇၀	၁,၂၅၀	၃,၅၁၉	၂၆	၂.၀	၁၄၃,၀၆၅	၃၃,၀၈၆	၁၇၃	၈၆၂,၀၁၆
ပီရူး	၃၂,၉၇၂,၀၀၀	၁,၄၇၁,၈၅၈	၉,၅၈၄	၅၀,၈၀၀	၁၅၆	၃.၅	၁,၃၉၃,၇၁၃	၂၇,၃၄၅	၂,၀၀၄	၆,၈၀၈,၈၅၉
ဖိလစ်ပိုင်	၁၀၉,၅၈၁,၀၀၀	၆၂၇,၄၀၉	၇,၁၀၃	၁၂,၈၆၆	၁၁	၂.၁	၅၃၁,၈၃၉	၈၂,၇၀၄	၀	၁၀,၀၃၈,၄၀၅
ပိုလန်	၃၇,၈၄၇,၀၀၀	၁,၉၉၃,၅၃၄	၂၉,၉၇၈	၄၈,၂၀၄	၄၆၄	၂.၄	၁,၆၇၈,၀၆၉	၂၆၇,၂၆၁	၂,၈၆၈	၁၁,၅၀၇,၄၀၅
ပေါ်တူဂီ	၁၀,၁၉၇,၀၀၀	၈၁၅,၄၆၆	၅၉၉	၁၆,၈၁၈	၁၁	၂.၁	၇၅၇,၀၇၀	၄၁,၅၇၈	၄၅၀	၉,၀၁၄,၅၃၈
ကာတာ	၂,၈၈၁,၀၀၀	၁၇၄,၆၅၂	၇၇၂	၂၇၀	၁	၀.၂	၁၅၇,၀၀၆	၁၇,၃၇၆	၂၈၇	၁,၅၃၁,၁၉၅
ရိုမေးနီးယား	၁၉,၂၃၈,၀၀၀	၉၁၇,၂၂၀	၄,၉၈၂	၂၂,၄၄၉	၁၃၈	၂.၄	၈၄၄,၃၇၇	၅၀,၃၉၄	၁,၁၇၃	၆,၆၅၆,၁၂၇
ရုရှား	၁၄၅,၉၃၄,၀၀၀	၄,၄၇၂,၀၀၀	၉,၁၂၈	၉၆,၂၁၉	၃၆၆	၂.၂	၄,၀၈၄,၀၀၀	၂၉၁,၇၈၁	၂,၃၀၀	၁၁၆,၀၀၀,၀၀၀
ရဝမ်ဒါ	၁၂,၉၅၂,၀၀၀	၂၁,၄၅၃	၇၀	၃၀၀	၃	၁.၄	၁၉,၉၂၉	၁,၂၂၄	၀	၉၃၁,၅၁၆
စိန့်ကစ်	၅၃,၀၀၀	၄၄	၀	၀	၀	၀.၀	၄၀	၄	၀	၁၁,၅၄၃
စိန့်လူစီယာ	၁၈၄,၀၀၀	၄,၁၅၉	၂၁	၅၇	၂	၁.၄	၃,၉၇၀	၁၃၂	၂	၄၈,၁၅၁
စိန့်ဗင်းဆင့်	၁၁၁,၀၀၀	၁,၇၄၀	၁၅	၁၀	၀	၀.၆	၁,၅၂၁	၂၀၉	၀	၃၈,၁၂၀
ဆမိုအား	၁၉၈,၀၀၀	၃	၀	၀	၀	၀.၀	၂	၁	၀	၀
ဆန်မာရီနို	၃၄,၀၀၀	၄,၈၀၁	၅၅	၈၂	၁	၁.၇	၃,၇၁၄	၁,၀၀၅	၁၄	၅၁,၈၄၀
ဆောင်တိုမေး	၂၁၉,၀၀၀	၂,၁၆၅	၃	၃၂	၀	၁.၅	၂,၀၇၆	၅၇	၀	၁၃,၁၁၁
ဆော်ဒီအာရေးဗီးယား	၃၄,၈၁၄,၀၀၀	၃၈၇,၀၁၂	၆၇၂	၆,၆၄၂	၉	၁.၇	၃၇၅,၂၅၁	၅,၁၁၉	၇၂၀	၁၅,၁၂၁,၃၀၅
ဆီနီဂေါ	၁၆,၇၄၄,၀၀၀	၃၈,၄၂၁	၄၇	၁,၀၄၈	၂	၂.၇	၃၆,၉၅၄	၄၁၉	၁၀	၄၃၇,၂၇၃
ဆားဘီးယား	၈,၇၃၇,၀၀၀	၆၁၈,၀၅၃	၃,၉၅၉	၅,၅၀၃	၃၄	၀.၉	၃၁,၅၃၆	၅၈၁,၀၁၄	၀	၃,၇၂၄,၈၁၅
ဆေးရှဲ	၉၈,၀၀၀	၄,၉၄၀	၁၇၄	၂၂	၀	၀.၄	၃,၁၅၁	၁,၇၆၇	၀	၄၉,၁၀၁
ဆီရာလီယွန်	၇,၉၇၇,၀၀၀	၃,၉၆၅	၃	၇၉	၀	၂.၀	၂,၇၇၅	၁,၁၁၁	၀	၁၃၃,၃၁၀
နိုင်ငံ/ဒေသ	လူဦးရေ	စုစုပေါင်း အတည်ပြုလူနာ	အသစ် အတည်ပြု (၂၄ နာရီ)	စုစုပေါင်း သေဆုံးမှု	အသစ် သေဆုံးမှု	သေဆုံးနှုန်း %	ပြန်လည်ကောင်းမွန်မှု စုစုပေါင်း	ကုသဆဲ လူနာ	အခြေအနေဆိုး လူနာ	စမ်းသပ်မှု စုစုပေါင်း
စင်ကာပူ	၅,၈၅၀,၀၀၀	၆၀,၁၉၅	၁၁	၃၀	၀	၀.၀	၆၀,၀၆၂	၁၀၃	၀	၈,၂၈၈,၁၃၆
ဆလိုဗက်ကီးယား	၅,၄၅၉,၀၀၀	၃၆၇,၃၇၅	၉၆၂	၁၀,၃၀၆	၂၃	၂.၈	၃၄၃,၀၇၆	၁၃,၉၉၃	၃၀၀	၄,၅၄၂,၂၈၀
ဆလိုဗေးနီးယား	၂,၀၇၉,၀၀၀	၂၁၆,၈၉၇	၁,၀၂၂	၄,၀၁၂	၅	၁.၈	၂၀၁,၄၁၁	၁၁,၄၇၄	၁၁၇	၁,၅၃၈,၁၄၈
ဆော်လမွန်ကျွန်းစု	၆၈၇,၀၀၀	၁၈	၀	၀	၀	၀.၀	၁၆	၂	၀	၄,၅၀၀
ဆိုမာလီယာ	၁၅,၈၉၃,၀၀၀	၁၁,၈၇၁	၁၃၀	၅၅၁	၅	၄.၆	၅,၀၁၇	၆,၃၀၃	၀	၁၂၀,၇၀၀
တောင်အာဖရိက	၅၉,၃၀၉,၀၀၀	၁,၅၄၃,၅၂၈	၁,၃၉၀	၅၂,၈၂၇	၈၇	၃.၄	၁,၄၆၇,၇၇၁	၂၂,၉၃၀	၀	၁၁,၀၀၉,၄၈၉
တောင်ဆူဒန်	၁၁,၁၉၃,၀၀၀	၁၀,၁၄၁	၁၉	၁၀၈	၀	၁.၁	၉,၄၄၆	၅၈၇	၀	၁၅၂,၄၉၃
စပိန်	၄၆,၇၅၅,၀၀၀	၃,၂၉၇,၅၁၀	၆,၉၉၁	၇၅,၃၀၅	၁၄၇	၂.၃	၃,၀၈၂,၂၉၅	၁၃၉,၉၁၀	၁,၉၇၄	၄၁,၈၁၅,၀၀၀
သီရိလင်္ကာ	၂၁,၄၁၃,၀၀၀	၉၃,၁၀၁	၂၇၁	၅၇၁	၂	၀.၆	၈၉,၃၅၆	၃,၁၇၄	၀	၂,၀၅၀,၁၉၉
ဆူဒန်	၄၃,၈၄၉,၀၀၀	၃၁,၅၉၀	၁၁၀	၂,၀၂၀	၈	၆.၄	၂၅,၅၃၇	၄,၀၃၃	၀	၂၀၁,၁၄၈
ဆူရီနမ်	၅၈၇,၀၀၀	၉,၃၂၀	၃၁	၁၈၀	၁	၁.၉	၈,၇၈၉	၃၅၁	၁	၅၁,၃၀၃
ဆွီဒင်	၁၀,၀၉၉,၀၀၀	၇၈၁,၄၆၂	၄,၄၈၆	၁၃,၄၀၂	၁၄	၁.၇	၀	၇၆၈,၀၆၀	၂၇၀	၈,၆၇၀,၆၅၂
ဆွစ်ဇာလန်	၈,၆၅၅,၀၀၀	၅၇၈,၁၂၂	၁,၆၁၁	၉,၄၅၄	၁၇	၁.၆	၃၁၇,၆၀၀	၂၅၁,၀၆၈	၂၁၇	၅,၂၂၄,၁၉၈
ဆီးရီးယား	၁၇,၅၀၀,၀၀၀	၁၈,၀၀၂	၁၂၀	၁,၁၉၈	၈	၆.၇	၁၁,၉၇၁	၄,၈၃၃	၀	၁၄၆,၂၆၉
တာဂျစ်ကစ္စတန်	၉,၅၃၈,၀၀၀	၁၃,၃၀၈	၀	၉၀	၀	၀.၇	၁၃,၂၁၈	၀	၀	၀
တန်ဇေးနီးယား	၅၉,၇၃၄,၀၀၀	၅၀၉	၀	၂၁	၀	၄.၁	၁၈၃	၃၀၅	၇	၀
ထိုင်း	၆၉,၈၀၀,၀၀၀	၂၇,၅၇၇	၈၂	၉၂	၀	၀.၃	၂၆,၅၈၁	၉၀၄	၁	၁,၇၅၇,၀၀၉
တီမောလက်စ်တေ	၁,၃၁၈,၀၀၀	၆၉၄	၁၆	၀	၀	၀.၀	၁၅၇	၅၃၇	၀	၃၄,၁၀၂
တိုဂို	၈,၂၇၉,၀၀၀	၈,၃၂၃	၄၅	၁၀၃	၁	၁.၂	၇,၀၇၂	၁,၁၄၈	၀	၂၅၁,၆၇၅
ထရီနီဒက်	၁,၃၉၉,၀၀၀	၇,၈၂၂	၁၄	၁၄၀	၀	၁.၈	၇,၅၆၁	၁၂၁	၀	၁၀၈,၇၉၉
တူနီးရှား	၁၁,၈၁၉,၀၀၀	၂၄၆,၃၆၃	၁,၁၇၂	၈,၅၉၀	၄၀	၃.၅	၂၀၇,၅၆၂	၃၀,၂၁၁	၃၅၃	၉၁၃,၉၆၂
တူရကီ	၈၄,၃၃၉,၀၀၀	၃,၀၄၅,၂၆၅	၂၀,၀၄၈	၂၉,၉၆၈	၁၄၇	၁.၀	၂,၈၄၀,၃၅၂	၁၇၄,၉၄၅	၁,၂၈၁	၃၃,၈၃၃,၉၂၁
တာ့ခ်မင်နစ္စတန်	၆,၀၃၁,၀၀၀	၀	၀	၀	၀	၀.၀	၀	၀	၀	၀
ယူဂန်ဒါ	၄၅,၇၄၁,၀၀၀	၄၀,၅၈၁	၁၂	၃၃၄	၀	၀.၈	၁၅,၀၀၇	၂၅,၂၄၀	၀	၁,၁၁၅,၅၃၁
ယူကရိန်း	၄၃,၇၃၃,၀၀၀	၁,၅၀၂,၀၅၇	၁၅,၅၈၇	၂၉,၇၀၁	၃၁၃	၂.၀	၁,၂၄၅,၂၄၀	၂၂၇,၁၁၆	၁၇၇	၈,၇၁၈,၀၄၀
အာရပ်စော်ဘွားများ	၉,၈၉၀,၀၀၀	၄၃၃,၉၄၃	၂,၀၆၉	၁,၄၁၂	၇	၀.၃	၄၁၆,၀၅၆	၁၆,၄၇၅	၀	၃၄,၅၀၄,၅၅၁
ယူနိုက်တက်ကင်းဒမ်း	၆၇,၈၈၆,၀၀၀	၄,၂၉၁,၂၉၆	၅,၇၅၇	၁၂၆,၁၄၉	၅၁	၂.၉	၃,၇၀၁,၀၅၄	၄၆၄,၀၉၃	၅၀၆	၁၃၇,၀၃၃,၅၁၇
အမေရိကန်	၃၃၁,၀၀၃,၀၀၀	၃၀,၀၁၀,၂၁၉	၅၉,၆၃၁	၅၄၅,၂၆၄	၁,၆၃၅	၁.၈	၂၂,၇၇၁,၆၂၀	၆,၆၉၃,၃၃၅	၉,၂၈၁	၃၉၉,၉၅၃,၀၅၃
ဥရုဂွေး	၃,၄၇၄,၀၀၀	၈၈,၄၁၁	၂,၂၇၉	၈၇၁	၂၁	၁.၀	၇၃,၂၀၈	၁၄,၃၃၂	၂၉၈	၁,၅၇၀,၅၀၂
ဥဇဘက်ကစ္စတန်	၃၃,၄၆၉,၀၀၀	၈၁,၃၈၇	၁၀၈	၆၂၂	၀	၀.၈	၈၀,၀၄၁	၇၂၄	၀	၁,၃၇၇,၉၁၅
ဗနွာတူ	၃၀၇,၀၀၀	၃	၀	၀	၀	၀.၀	၁	၂	၀	၂၃
ဗင်နီဇွဲလား	၂၈,၄၃၆,၀၀၀	၁၄၉,၈၁၈	၅၃၂	၁,၄၉၅	၅	၁.၀	၁၃၇,၉၉၆	၁၀,၃၂၇	၁၇၇	၃,၄၇၀,၇၃၅
ဗီယက်နမ်	၉၇,၃၃၉,၀၀၀	၂,၅၇၅	၁	၃၅	၀	၁.၄	၂,၃၉၁	၁၄၉	၁	၂,၀၁၁,၂၇၃
ယီမင်	၂၉,၈၂၆,၀၀၀	၃,၇၀၅	၁၆၉	၈၁၀	၂၁	၂၁.၉	၁,၆၈၄	၁,၂၁၁	၂၃	၂၆,၅၁၉
ဇမ်ဘီယာ	၁၈,၃၈၃,၀၀၀	၈၅,၅၃၀	၈၁	၁,၁၆၈	၂	၁.၄	၈၃,၄၇၈	၈၈၄	၀	၁,၁၁၀,၈၀၇
ဇင်ဘာဘွေ	၁၄,၈၆၂,၀၀၀	၃၆,၈၆၇	၂၇	၁,၅၂၁	၀	၄.၁	၃၄,၆၆၀	၆၈၆	၀	၃၉၃,၄၇၀
ဟောင်ကောင်	၇,၄၉၆,၀၀၀	၁၁,၃၁၆	၁၁	၂၀၂	၀	၁.၈	၁၀,၈၅၁	၂၆၃	၆	၇,၅၀၁,၄၄၃
ထိုင်ဝမ်	၂၃,၈၁၆,၀၀၀	၁,၀၀၂	၁	၁၀	၀	၁.၀	၉၇၆	၁၆	၀	၂၀၉,၅၂၇
မကာအို	၆၄၉,၀၀၀	၄၈	၀	၀	၀	၀.၀	၄၈	၀	၀	၅,၀၀၀
ပါလက်စတိုင်း	၅,၁၀၁,၀၀၀	၂၂၇,၄၇၂	၂,၁၃၂	၂,၄၈၀	၂၅	၁.၁	၁၉၇,၈၄၀	၂၇,၁၅၂	၂၁၁	၁,၂၀၅,၂၁၃
ကိုဆိုဗို	၁,၈၁၀,၀၀၀	၈၆,၀၇၄	၇၁၄	၁,၈၄၁	၁၀	၂.၁	၇၀,၉၉၁	၁၃,၂၄၂	၀	၄၀၀,၀၀၉
ပွာတိုရီကို	၂,၈၆၁,၀၀၀	၁၀၀,၃၀၉	၁၈၃	၂,၀၆၅	၃	၂.၁	၉၄,၀၀၁	၄,၂၄၃	၃၀	၃၀၅,၁၁၆
ဂွမ်ကျွန်း	၁၆၉,၀၀၀	၇,၇၄၈	၀	၁၃၅	၀	၁.၇	၇,၅၄၃	၇၀	၀	၁၂၆,၂၇၈
ဘာမြူဒါ	၆၂,၀၀၀	၈၃၃	၁၀	၁၂	၀	၁.၄	၇၃၄	၈၇	၂	၁၇၁,၆၁၇
ဂရင်းလန်း	၅၇,၀၀၀	၃၁	၀	၀	၀	၀.၀	၃၁	၀	၀	၁၁,၂၉၇
ဖာရိုးကျွန်းစု	၄၉,၀၀၀	၆၆၁	၀	၁	၀	၀.၂	၆၅၆	၄	၀	၃၀၀,၁၇၂
ဂျီဘရော်လ်တာ	၃၄,၀၀၀	၄,၂၇၉	၀	၉၃	၀	၂.၂	၄,၁၈၄	၂	၀	၁၁၉,၉၄၀
ကေမန်ကျွန်းစု	၆၆,၀၀၀	၄၈၇	၀	၂	၀	၀.၄	၄၇၀	၁၅	၀	၁၈၁,၂၆၆
ဗာဂျင်ကျွန်းစု	၁၀၄,၀၀၀	၂,၅၅၁	၅	၂၅	၀	၁.၀	၂,၄၈၃	၄၃	၀	၃၅,၃၃၂
နယူးကယ်လီဒိုးနီးယား	၂၈၆,၀၀၀	၆၁	၀	၀	၀	၀.၀	၅၈	၃	၀	၃၉,၉၀၀
ပြင်သစ်ပိုလီနီးရှား	၂၈၁,၀၀၀	၁၈,၅၃၉	၈	၁၄၁	၀	၀.၈	၄,၈၄၂	၁၃,၅၅၆	၃	၇၁,၂၃၀
ရီယူနီယံ	၈၉၅,၀၀၀	၁၄,၄၈၉	၁၂၀	၈၉	၁	၀.၆	၁၃,၅၁၅	၈၈၅	၁၃	၂၄၀,၁၀၅
နိုင်ငံ/ဒေသ	လူဦးရေ	စုစုပေါင်း အတည်ပြုလူနာ	အသစ် အတည်ပြု (၂၄ နာရီ)	စုစုပေါင်း သေဆုံးမှု	အသစ် သေဆုံးမှု	သေဆုံးနှုန်း %	ပြန်လည်ကောင်းမွန်မှု စုစုပေါင်း	ကုသဆဲ လူနာ	အခြေအနေဆိုး လူနာ	စမ်းသပ်မှု စုစုပေါင်း
ဂွါဒါလုပ်	၄၀၀,၀၀၀	၁၀,၃၈၆	၄၈	၁၆၇	၀	၁.၆	၂,၂၄၂	၇,၉၇၇	၁၁	၁၀၂,၃၂၃
မာတီနီ	၃၇၅,၀၀၀	၈,၇၁၅	၃၀	၆၄	၀	၀.၇	၁၀၄	၈,၅၄၇	၇	၇၇,၃၅၉
ပြင်သစ်ဂီယာနာ	၂၉၉,၀၀၀	၁၇,၄၅၇	၃၇	၈၉	၀	၀.၅	၉,၉၉၅	၇,၃၇၃	၁၂	၁၂၂,၂၂၁
မေယော့	၂၇၃,၀၀၀	၁၉,၁၉၉	၂၁	၁၆၂	၁	၀.၈	၂,၉၆၄	၁၆,၀၇၃	၉	၁၄၃,၇၁၅
အာရူဘာ	၁၀၇,၀၀၀	၈,၇၅၀	၃၀	၈၀	၀	၀.၉	၈,၅၀၆	၁၆၄	၃	၁၁၇,၃၂၂
ကျူရာဆောင်	၁၆၄,၀၀၀	၉,၈၈၅	၁၀၉	၄၆	၀	၀.၅	၇,၇၂၄	၂,၁၁၅	၁၀	၁၄၈,၇၈၃
ဆင့်မာတင်	၄၃,၀၀၀	၁,၉၉၉	၁၇	၂၇	၀	၁.၄	၁,၉၃၄	၃၈	၁	၂၀,၁၅၀
ဘိုနဲး	၂၆,၀၀၀	၁,၆၃၂	၄	၁၄	၀	၀.၉	၁,၅၈၁	၃၇	၀	၁၄,၅၀၀
ဆင့်မာတန်	၃၈,၀၀၀	၁,၇၂၄	၄	၂၇	၀	၁.၆	၁,၆၅၅	၄၂	၀	၂၂,၁၀၀
မွန်ဆေးရတ်	၅,၀၀၀	၂၀	၀	၁	၀	၅.၀	၁၉	၀	၀	၂,၀၀၀
အန်ဂွီလာ	၁၅,၀၀၀	၂၁	၀	၀	၀	၀.၀	၂၁	၀	၀	၁၂,၁၁၂
တာ့ခ်စ်နှင့်ကိုင်ကိုစ်	၃၉,၀၀၀	၂,၃၀၁	၁၅	၁၇	၀	၀.၇	၂,၂၂၂	၆၂	၂	၂၁,၂၀၀
ဖော့ကလန်ကျွန်းစု	၃,၅၀၀	၅၄	၀	၀	၀	၀.၀	၅၄	၀	၀	၅,၂၅၁
ဂွန်ဆေး	၁၇၄,၀၀၀	၈၉၆	၀	၁၂	၀	၁.၃	၈၆၀	၂၄	၀	၁၀၅,၄၇၀
ဂျာဆီ	၁၀၇,၀၀၀	၃,၂၅၁	၁	၆၈	၀	၂.၁	၃,၁၇၆	၇	၀	၁၇၁,၁၁၅
မန်ကျွန်း	၈၅,၀၀၀	၁,၅၅၄	၃၄	၂၈	၁	၁.၈	၁,၄၄၃	၈၃	၀	၆၉,၁၁၄
ဝါလစ်ဖူတူနာ	၁၁,၀၀၀	၄၄၃	၀	၇	၀	၁.၆	၁၁	၄၂၅	၀	၂,၃၀၀
ဆင့်ပီယဲ	၅,၈၀၀	၂၄	၀	၀	၀	၀.၀	၂၄	၀	၀	၃,၀၈၀
ဆင့်ဘာသယ်လမီ	၁၀,၀၀၀	၉၁၁	၁၀	၁	၀	၀.၁	၈၂၅	၈၅	၀	၁၀,၂၅၀
မြောက်မာရီယာနာ	၅၈,၀၀၀	၁၄၄	၀	၂	၀	၁.၄	၁၃၉	၃	၀	၂၇,၂၁၁
အမေရိကန်ဗာဂျင်	၁၀၅,၀၀၀	၂,၆၈၂	၅	၂၅	၀	၀.၉	၂,၆၁၈	၃၉	၀	၄၆,၉၁၁
အမေရိကန်ဆမိုအား	၅၅,၀၀၀	၄	၀	၀	၀	၀.၀	၃	၁	၀	၂,၀၁၄
ပလာအူ	၁၈,၀၀၀	၀	၀	၀	၀	၀.၀	၀	၀	၀	၄,၃၈၂
ကွတ်ကျွန်းစု	၁၇,၅၀၀	၀	၀	၀	၀	၀.၀	၀	၀	၀	၁,၂၂၃
နာဂိုနို-ကာရာဘတ်	၁၄၆,၀၀၀	၁၄,၅၅၂	၂၁	၁၆၇	၀	၁.၁	၁၄,၀၀၉	၃၇၆	၀	၅၄,၀၀၀
အဘာဇီယာ	၂၄၅,၀၀၀	၁၅,၂၁၁	၃၅	၂၃၈	၂	၁.၆	၁၄,၁၁၀	၈၆၃	၁၄	၁၀၆,၇၀၀
တောင်အိုဆီးတီးယား	၅၃,၀၀၀	၄,၅၇၀	၈	၈၈	၀	၁.၉	၄,၁၁၀	၃၇၂	၀	၂၁,၀၀၀
ထရန်စနစ္စတြီးယား	၄၇၀,၀၀၀	၂၆,၈၁၂	၁၁၀	၆၁၂	၃	၂.၃	၂၅,၀၂၀	၁,၁၈၀	၀	၁၄၁,၀၀၀
မြောက်ဆိုက်ပရပ်စ်	၃၂၆,၀၀၀	၃,၃၁၅	၅၂	၁၅	၀	၀.၅	၂,၉၄၁	၃၅၉	၄	၁,၃၁၃,၀၀၀
ဆိုမာလီလန်	၃,၅၀၀,၀၀၀	၁,၉၆၀	၁၂	၆၄	၀	၃.၃	၁,၆၇၀	၂၂၆	၀	၁၈,၄၂၀
ဒိုနက်စ်	၂,၃၀၂,၀၀၀	၂၅,၈၀၃	၁၂၇	၂,၁၉၀	၉	၈.၅	၂၂,၀၁၂	၁,၆၀၁	၀	၆၃,၇၀၀
လူဟန့်စ်	၁,၄၆၄,၀၀၀	၃,၆၈၇	၁၄	၂၉၇	၁	၈.၁	၃,၁၁၁	၂၇၉	၀	၂၁,၀၄၄
ဆီဝမ်ကျွန်း	၁၁၁,၀၀၀	၃၂	၀	၀	၀	၀.၀	၃၀	၂	၀	၈,၁၃၀
ဗတ္တိကန်	၈၀၀	၂၇	၀	၀	၀	၀.၀	၂၇	၀	၀	၁,၀၂၀
တိုကလောင်	၁,၄၀၀	၀	၀	၀	၀	၀.၀	၀	၀	၀	၀
မိုင်ယိုကျွန်း (ပို)	၇,၅၀၀	၁၂	၀	၀	၀	၀.၀	၁၂	၀	၀	၂,၃၃၀
ကနာရီကျွန်းစု	၂,၂၀၇,၀၀၀	၅၂,၄၀၁	၁၅၇	၇၈၁	၂	၁.၅	၄၇,၂၁၀	၄,၄၁၀	၅၀	၁,၁၁၁,၀၀၀
ဘာလီယာရစ်ကျွန်းစု	၁,၁၇၁,၀၀၀	၅၇,၀၇၃	၆၉	၈၁၄	၁	၁.၄	၅၄,၁၁၀	၂,၁၄၉	၂၆	၈၀၇,၀၀၀
ဆီစလီ	၄,၈၇၅,၀၀၀	၁၆၁,၁၃၂	၁,၀၉၆	၄,၄၀၉	၂၂	၂.၇	၁၃၉,၅၂၂	၁၇,၂၀၁	၁၅၅	၂,၀၁၁,၀၀၀
ဆာဒီးနီးယား	၁,၆၁၁,၀၀၀	၄၁,၆၁၅	၉၉	၁,၁၃၁	၄	၂.၇	၃၀,၉၈၂	၉,၅၀၂	၁၄	၉၀၁,၀၀၀
ကော်စီကာ	၃၄၄,၀၀၀	၈,၀၅၅	၃၁	၁၄၇	၀	၁.၈	၆,၄၁၁	၁,၄၉၇	၆	၁၆၄,၀၀၀
ကရီတ်ကျွန်း	၆၂၃,၀၀၀	၁၀,၅၀၀	၁၁၂	၁၃၁	၁	၁.၂	၇,၈၄၀	၂,၅၂၉	၁၀	၁၉၀,၀၀၀
မဒေးရားကျွန်း	၂၅၄,၀၀၀	၈,၆၆၁	၂၄	၆၈	၀	၀.၈	၈,၁၀၀	၄၉၃	၃	၃၁၁,၀၀၀
အာဇိုးရက်စ်	၂၄၂,၀၀၀	၄,၃၂၂	၁၁	၂၇	၀	၀.၆	၄,၁၀၇	၁၈၈	၁	၄၁၀,၀၀၀
အော်လန်ကျွန်းစု	၃၀,၀၀၀	၁၂၁	၀	၀	၀	၀.၀	၁၁၉	၂	၀	၈,၁၀၀
စဗာလ်ဘတ်	၂,၉၀၀	၀	၀	၀	၀	၀.၀	၀	၀	၀	၃၉၀
အဆင့်ရှင်ကျွန်း	၈၀၀	၀	၀	၀	၀	၀.၀	၀	၀	၀	၀
နောဖုတ်ကျွန်း	၁,၈၀၀	၀	၀	၀	၀	၀.၀	၀	၀	၀	၂၁၀
ခရစ္စမတ်ကျွန်း	၁,၈၀၀	၀	၀	၀	၀	၀.၀	၀	၀	၀	၁၈၀
အခြား ကုန်းမြေ (အား)	၁,၂၀၀,၀၀၀	၇၂၁	၀	၁၃	၀	၁.၈	၇၀၅	၃	၀	၁၁၀,၀၀၀
စုစုပေါင်း (ကမ္ဘာ့ ပျမ်း)		၁၁၇,၁၄၉,၀၀၀		၂,၆၀၁,၉၈၀	၁၁၇	၁၀၅,၂၄၂	၁၇,၄၃၀,၄၈၁	၈၁,၅၂၈,၂၈၀	၅,၀၇၁,၃၃၁	၄၉၁,၇၁၀,၀၀၀
